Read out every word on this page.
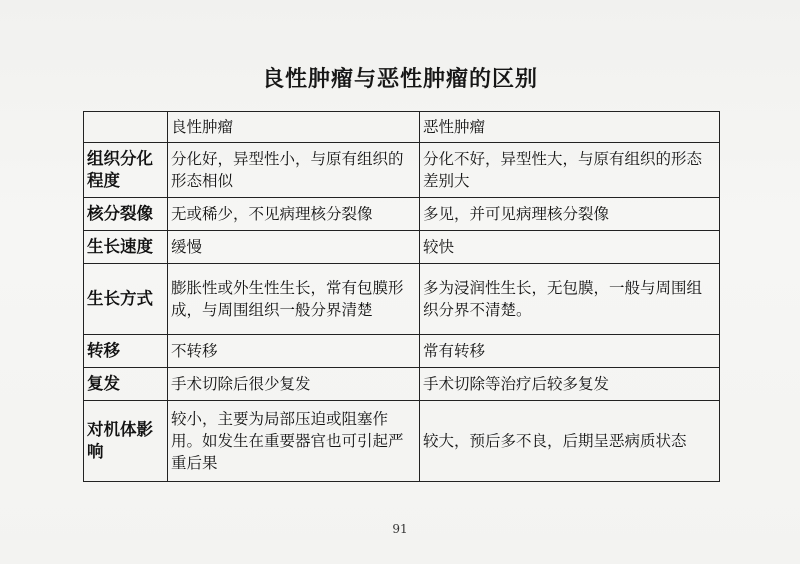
良性肿瘤与恶性肿瘤的区别
	良性肿瘤	恶性肿瘤
组织分化程度	分化好，异型性小，与原有组织的形态相似	分化不好，异型性大，与原有组织的形态差别大
核分裂像	无或稀少，不见病理核分裂像	多见，并可见病理核分裂像
生长速度	缓慢	较快
生长方式	膨胀性或外生性生长，常有包膜形成，与周围组织一般分界清楚	多为浸润性生长，无包膜，一般与周围组织分界不清楚。
转移	不转移	常有转移
复发	手术切除后很少复发	手术切除等治疗后较多复发
对机体影响	较小，主要为局部压迫或阻塞作用。如发生在重要器官也可引起严重后果	较大，预后多不良，后期呈恶病质状态
91
